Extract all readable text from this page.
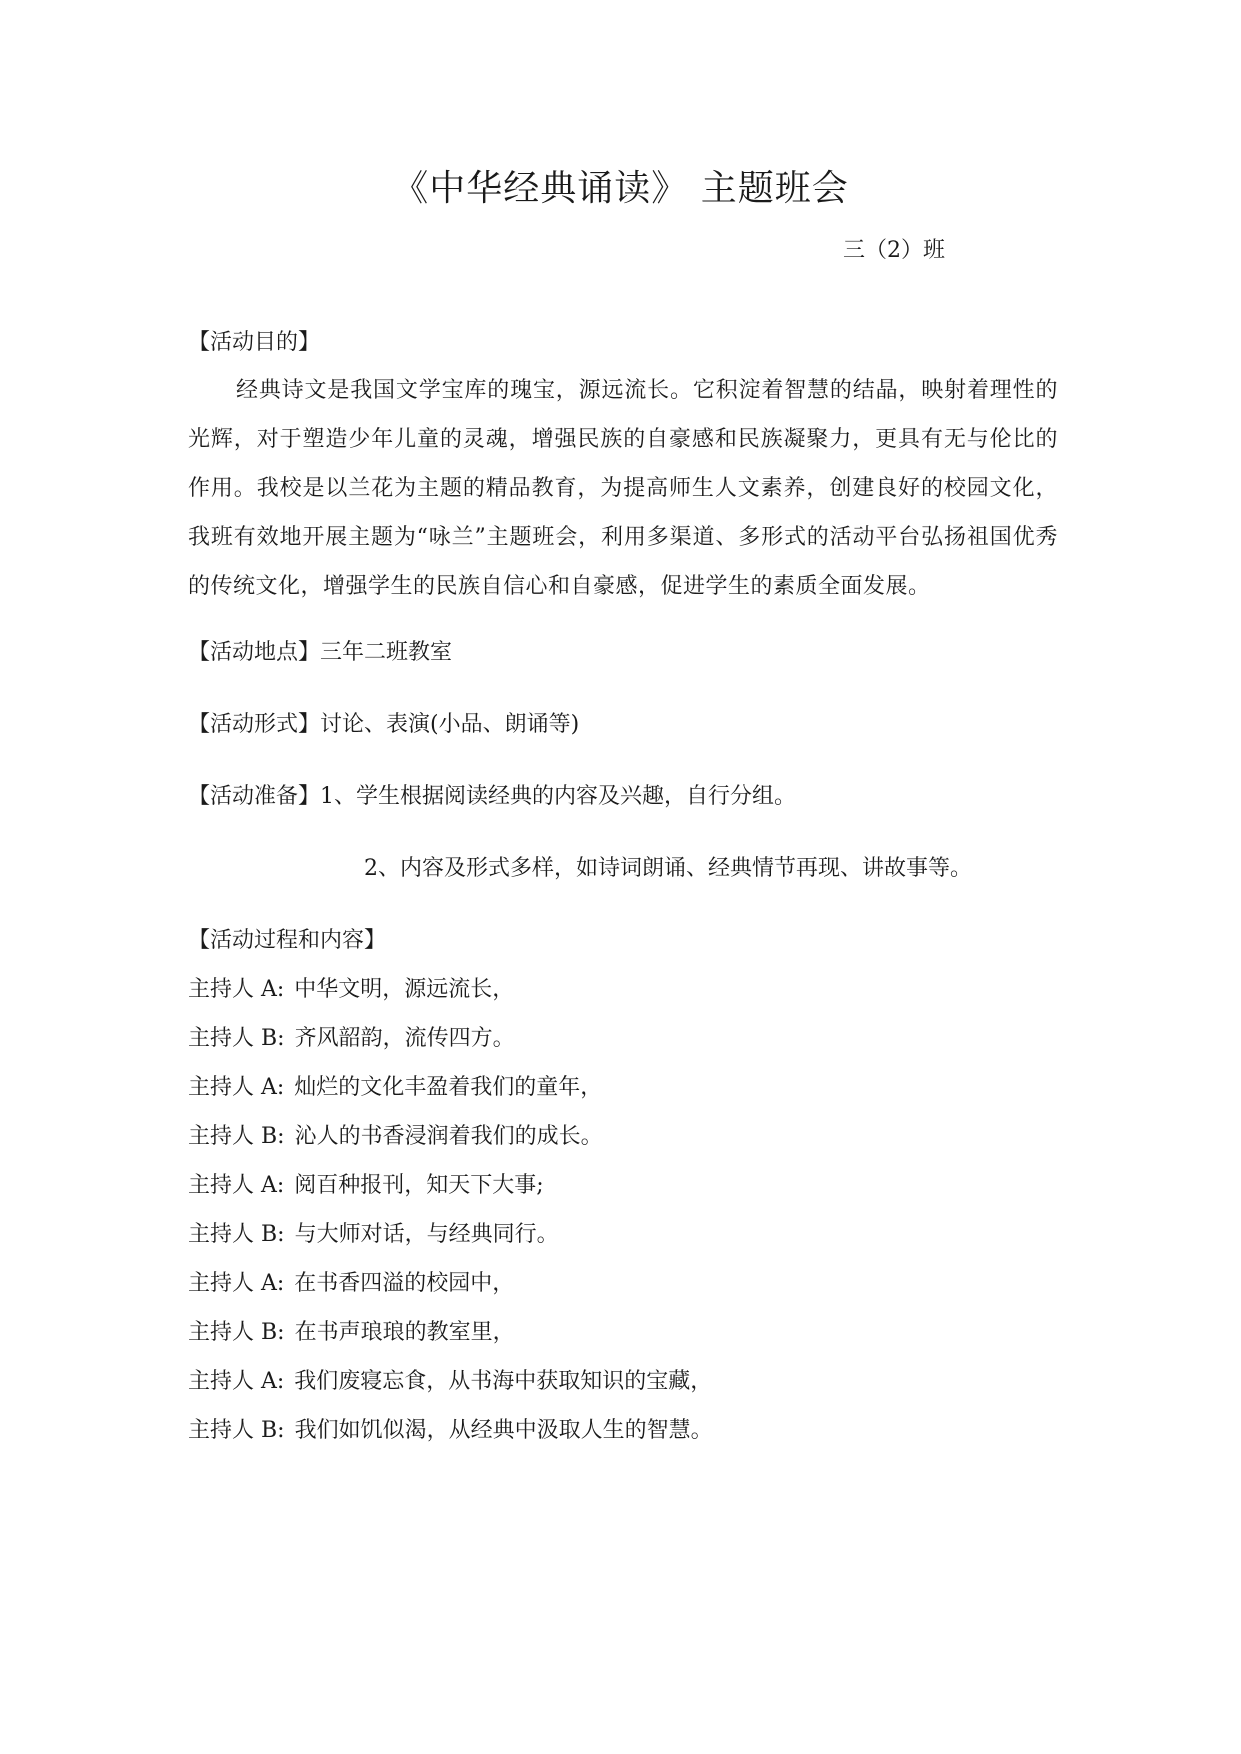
《中华经典诵读》 主题班会

三（2）班

【活动目的】

经典诗文是我国文学宝库的瑰宝，源远流长。它积淀着智慧的结晶，映射着理性的光辉，对于塑造少年儿童的灵魂，增强民族的自豪感和民族凝聚力，更具有无与伦比的作用。我校是以兰花为主题的精品教育，为提高师生人文素养，创建良好的校园文化，我班有效地开展主题为“咏兰”主题班会，利用多渠道、多形式的活动平台弘扬祖国优秀的传统文化，增强学生的民族自信心和自豪感，促进学生的素质全面发展。

【活动地点】三年二班教室

【活动形式】讨论、表演(小品、朗诵等)

【活动准备】1、学生根据阅读经典的内容及兴趣，自行分组。

2、内容及形式多样，如诗词朗诵、经典情节再现、讲故事等。

【活动过程和内容】

主持人 A: 中华文明，源远流长，
主持人 B: 齐风韶韵，流传四方。
主持人 A: 灿烂的文化丰盈着我们的童年，
主持人 B: 沁人的书香浸润着我们的成长。
主持人 A: 阅百种报刊，知天下大事;
主持人 B: 与大师对话，与经典同行。
主持人 A: 在书香四溢的校园中，
主持人 B: 在书声琅琅的教室里，
主持人 A: 我们废寝忘食，从书海中获取知识的宝藏，
主持人 B: 我们如饥似渴，从经典中汲取人生的智慧。
